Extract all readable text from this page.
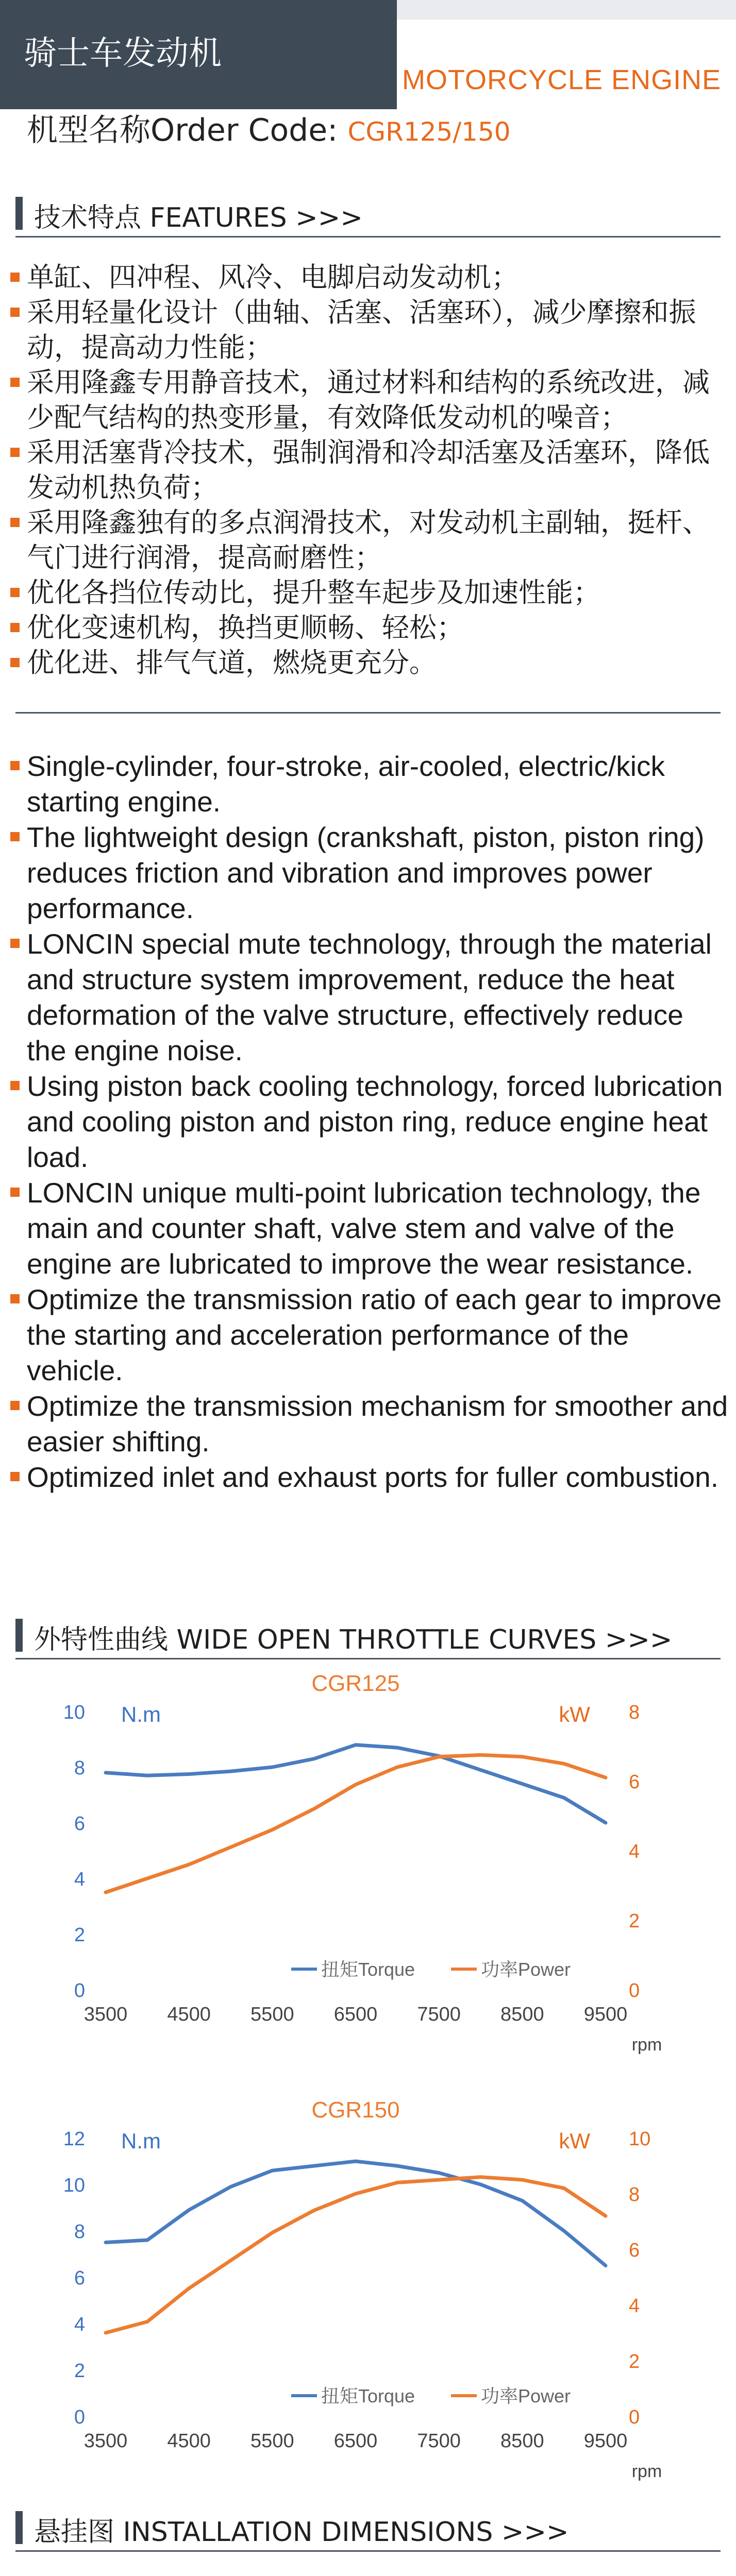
骑士车发动机
MOTORCYCLE ENGINE
机型名称Order Code: CGR125/150
技术特点 FEATURES >>>
单缸、四冲程、风冷、电脚启动发动机；
采用轻量化设计（曲轴、活塞、活塞环），减少摩擦和振动，提高动力性能；
采用隆鑫专用静音技术，通过材料和结构的系统改进，减少配气结构的热变形量，有效降低发动机的噪音；
采用活塞背冷技术，强制润滑和冷却活塞及活塞环，降低发动机热负荷；
采用隆鑫独有的多点润滑技术，对发动机主副轴，挺杆、气门进行润滑，提高耐磨性；
优化各挡位传动比，提升整车起步及加速性能；
优化变速机构，换挡更顺畅、轻松；
优化进、排气气道，燃烧更充分。
Single-cylinder, four-stroke, air-cooled, electric/kick starting engine.
The lightweight design (crankshaft, piston, piston ring) reduces friction and vibration and improves power performance.
LONCIN special mute technology, through the material and structure system improvement, reduce the heat deformation of the valve structure, effectively reduce the engine noise.
Using piston back cooling technology, forced lubrication and cooling piston and piston ring, reduce engine heat load.
LONCIN unique multi-point lubrication technology, the main and counter shaft, valve stem and valve of the engine are lubricated to improve the wear resistance.
Optimize the transmission ratio of each gear to improve the starting and acceleration performance of the vehicle.
Optimize the transmission mechanism for smoother and easier shifting.
Optimized inlet and exhaust ports for fuller combustion.
外特性曲线 WIDE OPEN THROTTLE CURVES >>>
CGR125
N.m	kW
0
2
4
6
8
10
0
2
4
6
8
3500 4500 5500 6500 7500 8500 9500
rpm
扭矩Torque	功率Power
CGR150
N.m	kW
0
2
4
6
8
10
12
0
2
4
6
8
10
3500 4500 5500 6500 7500 8500 9500
rpm
扭矩Torque	功率Power
悬挂图 INSTALLATION DIMENSIONS >>>
